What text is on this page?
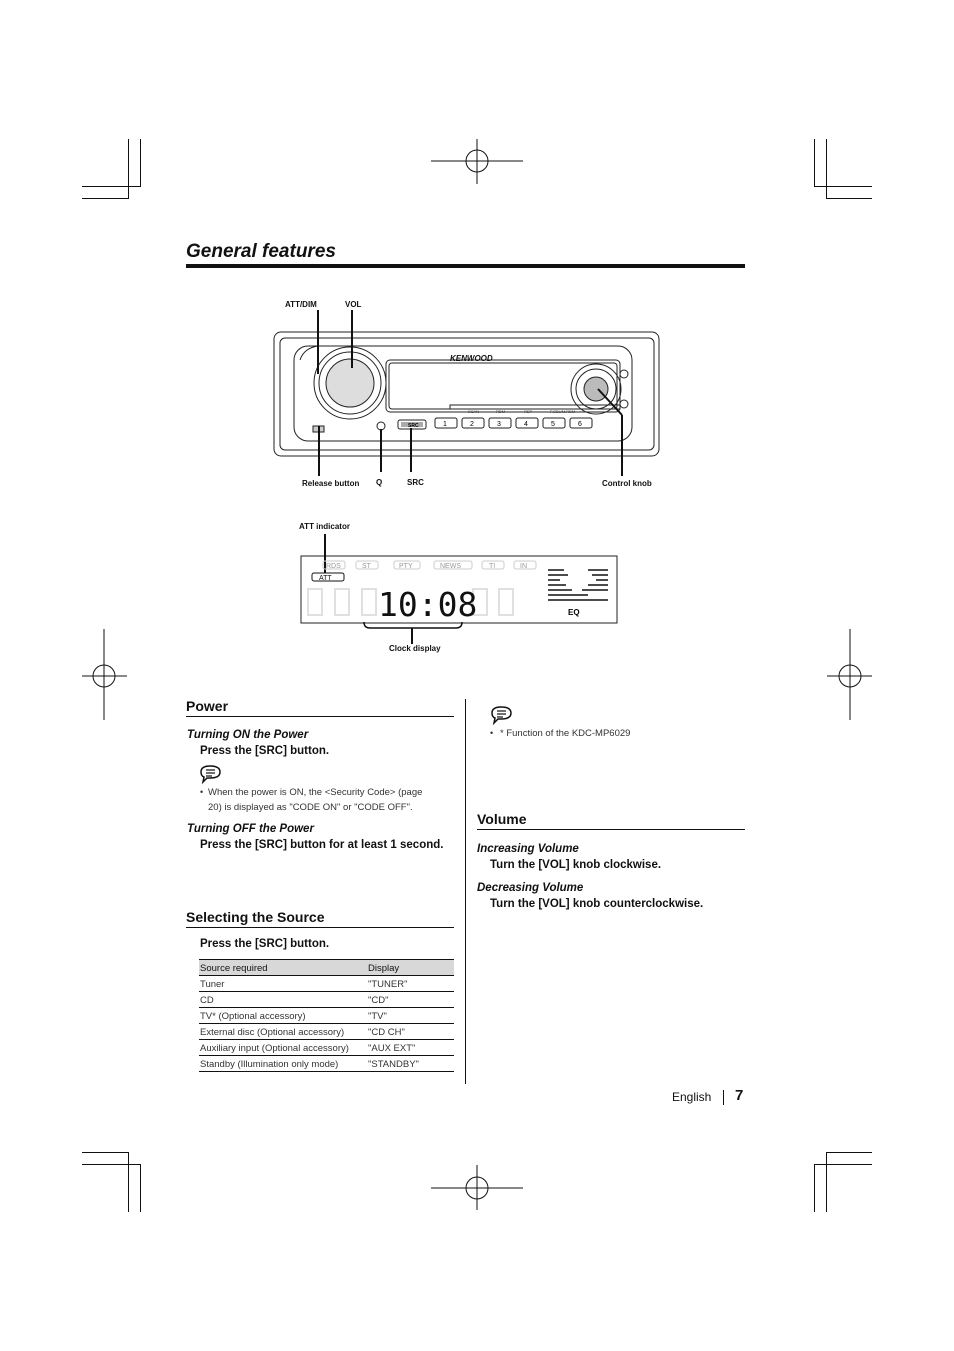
General features
ATT/DIM	VOL
Release button Q	SRC	Control knob
KENWOOD
SCAN	RDM	REP	F.SEL/M.RDM
1	2	3	4	5	6
SRC
ATT indicator
Clock display
RDS	ST	PTY	NEWS	TI	IN
ATT
10:08	EQ
Power
Turning ON the Power
Press the [SRC] button.
• When the power is ON, the <Security Code> (page
20) is displayed as "CODE ON" or "CODE OFF".
Turning OFF the Power
Press the [SRC] button for at least 1 second.
Selecting the Source
Press the [SRC] button.
Source required	Display
Tuner	"TUNER"
CD	"CD"
TV* (Optional accessory)	"TV"
External disc (Optional accessory)	"CD CH"
Auxiliary input (Optional accessory)	"AUX EXT"
Standby (Illumination only mode)	"STANDBY"
• * Function of the KDC-MP6029
Volume
Increasing Volume
Turn the [VOL] knob clockwise.
Decreasing Volume
Turn the [VOL] knob counterclockwise.
English 7
